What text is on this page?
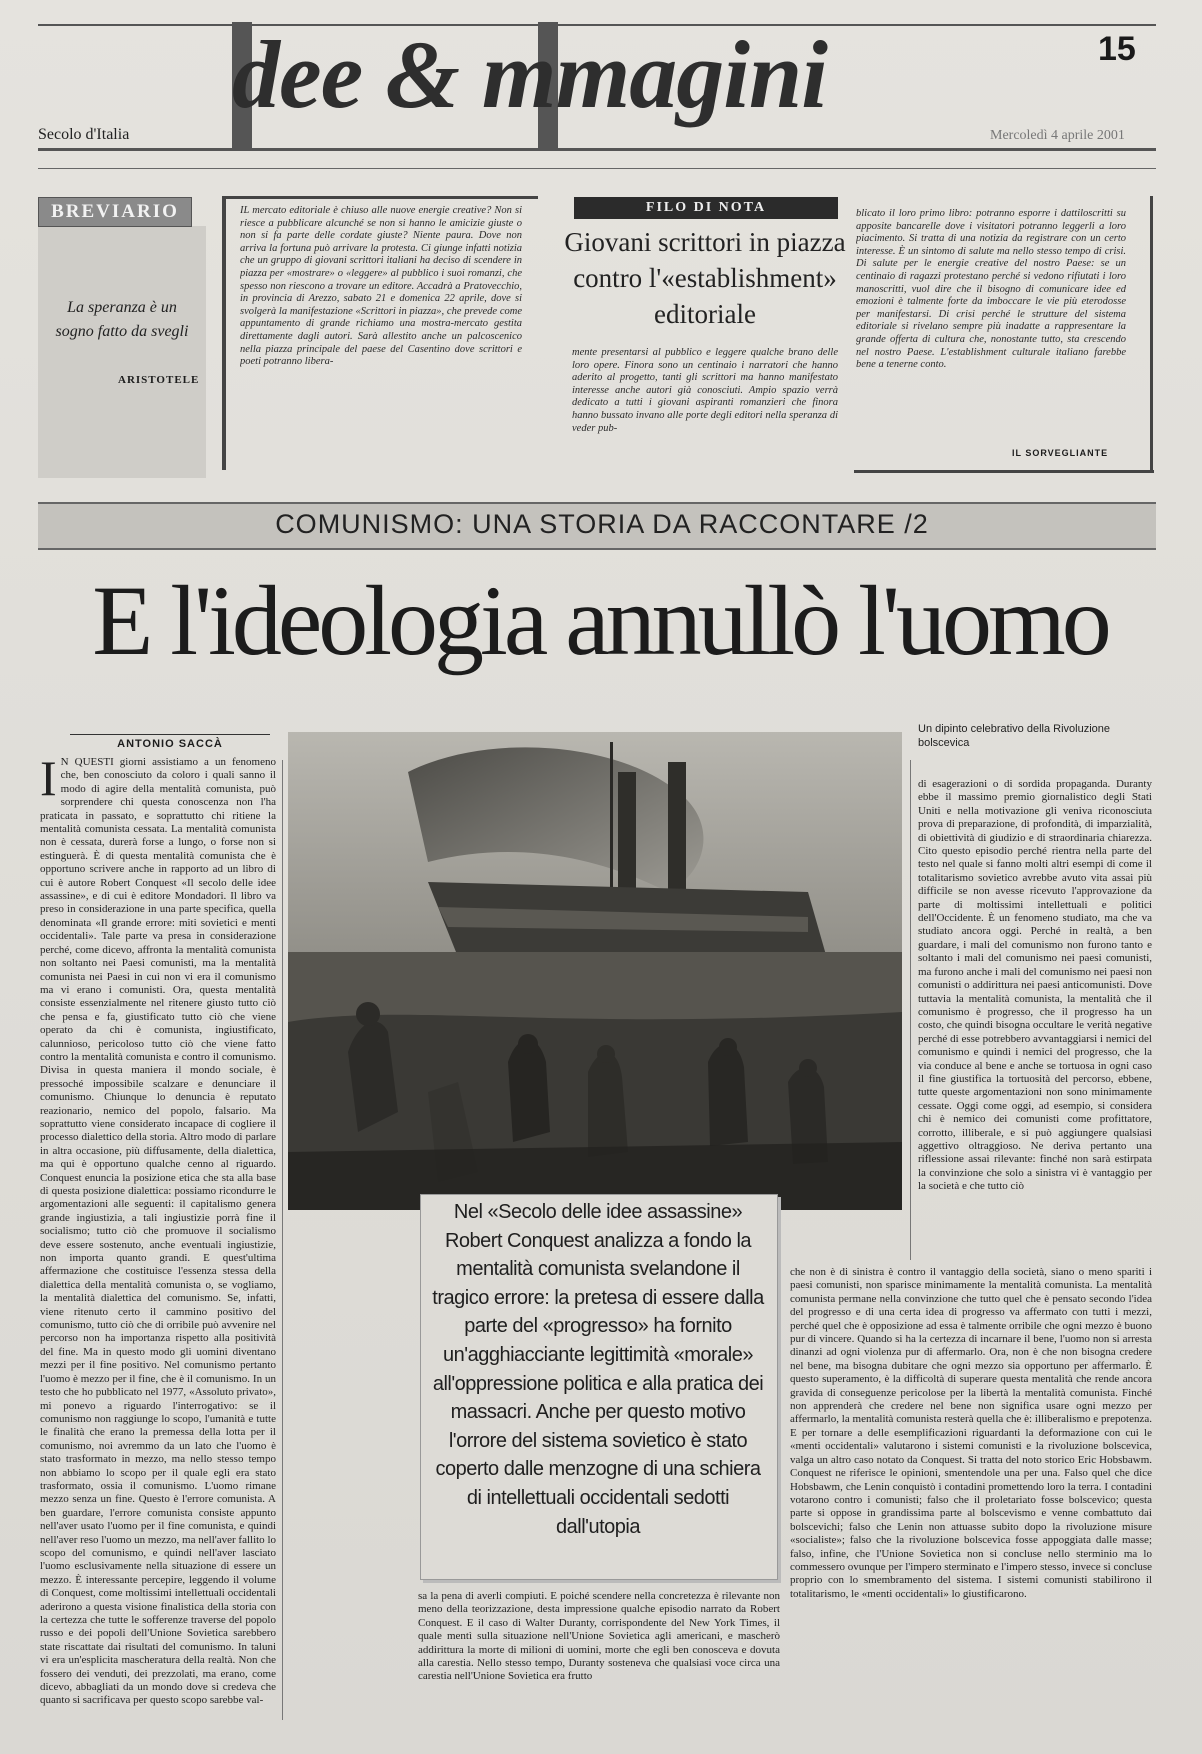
dee & mmagini
Secolo d'Italia
15
Mercoledì 4 aprile 2001
BREVIARIO
La speranza è un sogno fatto da svegli
ARISTOTELE
IL mercato editoriale è chiuso alle nuove energie creative? Non si riesce a pubblicare alcunché se non si hanno le amicizie giuste o non si fa parte delle cordate giuste? Niente paura. Dove non arriva la fortuna può arrivare la protesta. Ci giunge infatti notizia che un gruppo di giovani scrittori italiani ha deciso di scendere in piazza per «mostrare» o «leggere» al pubblico i suoi romanzi, che spesso non riescono a trovare un editore. Accadrà a Pratovecchio, in provincia di Arezzo, sabato 21 e domenica 22 aprile, dove si svolgerà la manifestazione «Scrittori in piazza», che prevede come appuntamento di grande richiamo una mostra-mercato gestita direttamente dagli autori. Sarà allestito anche un palcoscenico nella piazza principale del paese del Casentino dove scrittori e poeti potranno libera-
FILO DI NOTA
Giovani scrittori in piazza contro l'«establishment» editoriale
mente presentarsi al pubblico e leggere qualche brano delle loro opere. Finora sono un centinaio i narratori che hanno aderito al progetto, tanti gli scrittori ma hanno manifestato interesse anche autori già conosciuti. Ampio spazio verrà dedicato a tutti i giovani aspiranti romanzieri che finora hanno bussato invano alle porte degli editori nella speranza di veder pub-
blicato il loro primo libro: potranno esporre i dattiloscritti su apposite bancarelle dove i visitatori potranno leggerli a loro piacimento. Si tratta di una notizia da registrare con un certo interesse. È un sintomo di salute ma nello stesso tempo di crisi. Di salute per le energie creative del nostro Paese: se un centinaio di ragazzi protestano perché si vedono rifiutati i loro manoscritti, vuol dire che il bisogno di comunicare idee ed emozioni è talmente forte da imboccare le vie più eterodosse per manifestarsi. Di crisi perché le strutture del sistema editoriale si rivelano sempre più inadatte a rappresentare la grande offerta di cultura che, nonostante tutto, sta crescendo nel nostro Paese. L'establishment culturale italiano farebbe bene a tenerne conto.
IL SORVEGLIANTE
COMUNISMO: UNA STORIA DA RACCONTARE /2
E l'ideologia annullò l'uomo
ANTONIO SACCÀ
I N QUESTI giorni assistiamo a un fenomeno che, ben conosciuto da coloro i quali sanno il modo di agire della mentalità comunista, può sorprendere chi questa conoscenza non l'ha praticata in passato, e soprattutto chi ritiene la mentalità comunista cessata. La mentalità comunista non è cessata, durerà forse a lungo, o forse non si estinguerà. È di questa mentalità comunista che è opportuno scrivere anche in rapporto ad un libro di cui è autore Robert Conquest «Il secolo delle idee assassine», e di cui è editore Mondadori. Il libro va preso in considerazione in una parte specifica, quella denominata «Il grande errore: miti sovietici e menti occidentali». Tale parte va presa in considerazione perché, come dicevo, affronta la mentalità comunista non soltanto nei Paesi comunisti, ma la mentalità comunista nei Paesi in cui non vi era il comunismo ma vi erano i comunisti. Ora, questa mentalità consiste essenzialmente nel ritenere giusto tutto ciò che pensa e fa, giustificato tutto ciò che viene operato da chi è comunista, ingiustificato, calunnioso, pericoloso tutto ciò che viene fatto contro la mentalità comunista e contro il comunismo. Divisa in questa maniera il mondo sociale, è pressoché impossibile scalzare e denunciare il comunismo. Chiunque lo denuncia è reputato reazionario, nemico del popolo, falsario. Ma soprattutto viene considerato incapace di cogliere il processo dialettico della storia. Altro modo di parlare in altra occasione, più diffusamente, della dialettica, ma qui è opportuno qualche cenno al riguardo. Conquest enuncia la posizione etica che sta alla base di questa posizione dialettica: possiamo ricondurre le argomentazioni alle seguenti: il capitalismo genera grande ingiustizia, a tali ingiustizie porrà fine il socialismo; tutto ciò che promuove il socialismo deve essere sostenuto, anche eventuali ingiustizie, non importa quanto grandi. E quest'ultima affermazione che costituisce l'essenza stessa della dialettica della mentalità comunista o, se vogliamo, la mentalità dialettica del comunismo. Se, infatti, viene ritenuto certo il cammino positivo del comunismo, tutto ciò che di orribile può avvenire nel percorso non ha importanza rispetto alla positività del fine. Ma in questo modo gli uomini diventano mezzi per il fine positivo. Nel comunismo pertanto l'uomo è mezzo per il fine, che è il comunismo. In un testo che ho pubblicato nel 1977, «Assoluto privato», mi ponevo a riguardo l'interrogativo: se il comunismo non raggiunge lo scopo, l'umanità e tutte le finalità che erano la premessa della lotta per il comunismo, noi avremmo da un lato che l'uomo è stato trasformato in mezzo, ma nello stesso tempo non abbiamo lo scopo per il quale egli era stato trasformato, ossia il comunismo. L'uomo rimane mezzo senza un fine. Questo è l'errore comunista. A ben guardare, l'errore comunista consiste appunto nell'aver usato l'uomo per il fine comunista, e quindi nell'aver reso l'uomo un mezzo, ma nell'aver fallito lo scopo del comunismo, e quindi nell'aver lasciato l'uomo esclusivamente nella situazione di essere un mezzo. È interessante percepire, leggendo il volume di Conquest, come moltissimi intellettuali occidentali aderirono a questa visione finalistica della storia con la certezza che tutte le sofferenze traverse del popolo russo e dei popoli dell'Unione Sovietica sarebbero state riscattate dai risultati del comunismo. In taluni vi era un'esplicita mascheratura della realtà. Non che fossero dei venduti, dei prezzolati, ma erano, come dicevo, abbagliati da un mondo dove si credeva che quanto si sacrificava per questo scopo sarebbe val-
Un dipinto celebrativo della Rivoluzione bolscevica
di esagerazioni o di sordida propaganda. Duranty ebbe il massimo premio giornalistico degli Stati Uniti e nella motivazione gli veniva riconosciuta prova di preparazione, di profondità, di imparzialità, di obiettività di giudizio e di straordinaria chiarezza. Cito questo episodio perché rientra nella parte del testo nel quale si fanno molti altri esempi di come il totalitarismo sovietico avrebbe avuto vita assai più difficile se non avesse ricevuto l'approvazione da parte di moltissimi intellettuali e politici dell'Occidente. È un fenomeno studiato, ma che va studiato ancora oggi. Perché in realtà, a ben guardare, i mali del comunismo non furono tanto e soltanto i mali del comunismo nei paesi comunisti, ma furono anche i mali del comunismo nei paesi non comunisti o addirittura nei paesi anticomunisti. Dove tuttavia la mentalità comunista, la mentalità che il comunismo è progresso, che il progresso ha un costo, che quindi bisogna occultare le verità negative perché di esse potrebbero avvantaggiarsi i nemici del comunismo e quindi i nemici del progresso, che la via conduce al bene e anche se tortuosa in ogni caso il fine giustifica la tortuosità del percorso, ebbene, tutte queste argomentazioni non sono minimamente cessate. Oggi come oggi, ad esempio, si considera chi è nemico dei comunisti come profittatore, corrotto, illiberale, e si può aggiungere qualsiasi aggettivo oltraggioso. Ne deriva pertanto una riflessione assai rilevante: finché non sarà estirpata la convinzione che solo a sinistra vi è vantaggio per la società e che tutto ciò
che non è di sinistra è contro il vantaggio della società, siano o meno spariti i paesi comunisti, non spariscе minimamente la mentalità comunista. La mentalità comunista permane nella convinzione che tutto quel che è pensato secondo l'idea del progresso e di una certa idea di progresso va affermato con tutti i mezzi, perché quel che è opposizione ad essa è talmente orribile che ogni mezzo è buono pur di vincere. Quando si ha la certezza di incarnare il bene, l'uomo non si arresta dinanzi ad ogni violenza pur di affermarlo. Ora, non è che non bisogna credere nel bene, ma bisogna dubitare che ogni mezzo sia opportuno per affermarlo. È questo superamento, è la difficoltà di superare questa mentalità che rende ancora gravida di conseguenze pericolose per la libertà la mentalità comunista. Finché non apprenderà che credere nel bene non significa usare ogni mezzo per affermarlo, la mentalità comunista resterà quella che è: illiberalismo e prepotenza. E per tornare a delle esemplificazioni riguardanti la deformazione con cui le «menti occidentali» valutarono i sistemi comunisti e la rivoluzione bolscevica, valga un altro caso notato da Conquest. Si tratta del noto storico Eric Hobsbawm. Conquest ne riferisce le opinioni, smentendole una per una. Falso quel che dice Hobsbawm, che Lenin conquistò i contadini promettendo loro la terra. I contadini votarono contro i comunisti; falso che il proletariato fosse bolscevico; questa parte si oppose in grandissima parte al bolscevismo e venne combattuto dai bolscevichi; falso che Lenin non attuasse subito dopo la rivoluzione misure «socialiste»; falso che la rivoluzione bolscevica fosse appoggiata dalle masse; falso, infine, che l'Unione Sovietica non si concluse nello sterminio ma lo commessero ovunque per l'impero sterminato e l'impero stesso, invece si concluse proprio con lo smembramento del sistema. I sistemi comunisti stabilirono il totalitarismo, le «menti occidentali» lo giustificarono.
sa la pena di averli compiuti. E poiché scendere nella concretezza è rilevante non meno della teorizzazione, desta impressione qualche episodio narrato da Robert Conquest. E il caso di Walter Duranty, corrispondente del New York Times, il quale mentì sulla situazione nell'Unione Sovietica agli americani, e mascherò addirittura la morte di milioni di uomini, morte che egli ben conosceva e dovuta alla carestia. Nello stesso tempo, Duranty sosteneva che qualsiasi voce circa una carestia nell'Unione Sovietica era frutto
Nel «Secolo delle idee assassine» Robert Conquest analizza a fondo la mentalità comunista svelandone il tragico errore: la pretesa di essere dalla parte del «progresso» ha fornito un'agghiacciante legittimità «morale» all'oppressione politica e alla pratica dei massacri. Anche per questo motivo l'orrore del sistema sovietico è stato coperto dalle menzogne di una schiera di intellettuali occidentali sedotti dall'utopia
